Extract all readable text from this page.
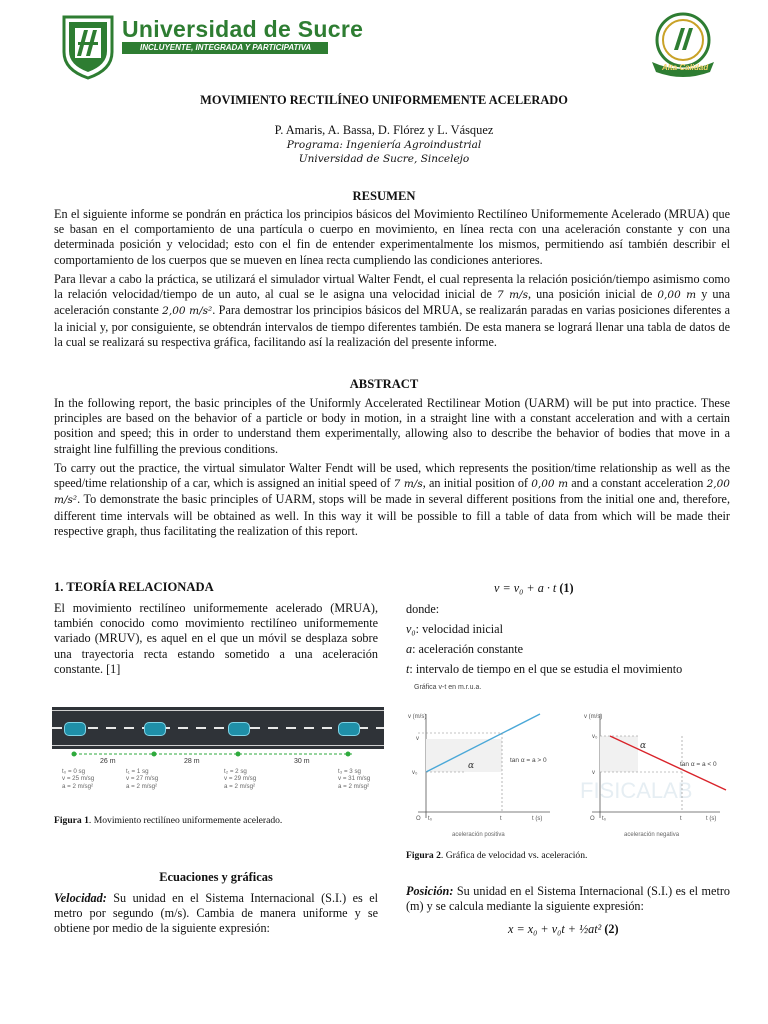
Universidad de Sucre
INCLUYENTE, INTEGRADA Y PARTICIPATIVA
Alta Calidad
MOVIMIENTO RECTILÍNEO UNIFORMEMENTE ACELERADO
P. Amaris, A. Bassa, D. Flórez y L. Vásquez
Programa: Ingeniería Agroindustrial
Universidad de Sucre, Sincelejo
RESUMEN

En el siguiente informe se pondrán en práctica los principios básicos del Movimiento Rectilíneo Uniformemente Acelerado (MRUA) que se basan en el comportamiento de una partícula o cuerpo en movimiento, en línea recta con una aceleración constante y con una determinada posición y velocidad; esto con el fin de entender experimentalmente los mismos, permitiendo así también describir el comportamiento de los cuerpos que se mueven en línea recta cumpliendo las condiciones anteriores.

Para llevar a cabo la práctica, se utilizará el simulador virtual Walter Fendt, el cual representa la relación posición/tiempo asimismo como la relación velocidad/tiempo de un auto, al cual se le asigna una velocidad inicial de 7 m/s, una posición inicial de 0,00 m y una aceleración constante 2,00 m/s². Para demostrar los principios básicos del MRUA, se realizarán paradas en varias posiciones diferentes a la inicial y, por consiguiente, se obtendrán intervalos de tiempo diferentes también. De esta manera se logrará llenar una tabla de datos de la cual se realizará su respectiva gráfica, facilitando así la realización del presente informe.

ABSTRACT

In the following report, the basic principles of the Uniformly Accelerated Rectilinear Motion (UARM) will be put into practice. These principles are based on the behavior of a particle or body in motion, in a straight line with a constant acceleration and with a certain position and speed; this in order to understand them experimentally, allowing also to describe the behavior of bodies that move in a straight line fulfilling the previous conditions.

To carry out the practice, the virtual simulator Walter Fendt will be used, which represents the position/time relationship as well as the speed/time relationship of a car, which is assigned an initial speed of 7 m/s, an initial position of 0,00 m and a constant acceleration 2,00 m/s². To demonstrate the basic principles of UARM, stops will be made in several different positions from the initial one and, therefore, different time intervals will be obtained as well. In this way it will be possible to fill a table of data from which will be made their respective graph, thus facilitating the realization of this report.

1. TEORÍA RELACIONADA

El movimiento rectilíneo uniformemente acelerado (MRUA), también conocido como movimiento rectilíneo uniformemente variado (MRUV), es aquel en el que un móvil se desplaza sobre una trayectoria recta estando sometido a una aceleración constante. [1]

26 m	28 m	30 m
t₀ = 0 sg
v = 25 m/sg
a = 2 m/sg²
t₁ = 1 sg
v = 27 m/sg
a = 2 m/sg²
t₂ = 2 sg
v = 29 m/sg
a = 2 m/sg²
t₃ = 3 sg
v = 31 m/sg
a = 2 m/sg²
Figura 1. Movimiento rectilíneo uniformemente acelerado.
Ecuaciones y gráficas

Velocidad: Su unidad en el Sistema Internacional (S.I.) es el metro por segundo (m/s). Cambia de manera uniforme y se obtiene por medio de la siguiente expresión:

v = v₀ + a · t (1)
donde:
v₀: velocidad inicial
a: aceleración constante
t: intervalo de tiempo en el que se estudia el movimiento
Gráfica v-t en m.r.u.a.
FISICALAB
v (m/s)
v
v₀
O t₀	t	t (s)
α
tan α = a > 0
aceleración positiva
v (m/s)
v₀
v
O t₀	t	t (s)
α
tan α = a < 0
aceleración negativa
Figura 2. Gráfica de velocidad vs. aceleración.

Posición: Su unidad en el Sistema Internacional (S.I.) es el metro (m) y se calcula mediante la siguiente expresión:

x = x₀ + v₀t + ½at² (2)
